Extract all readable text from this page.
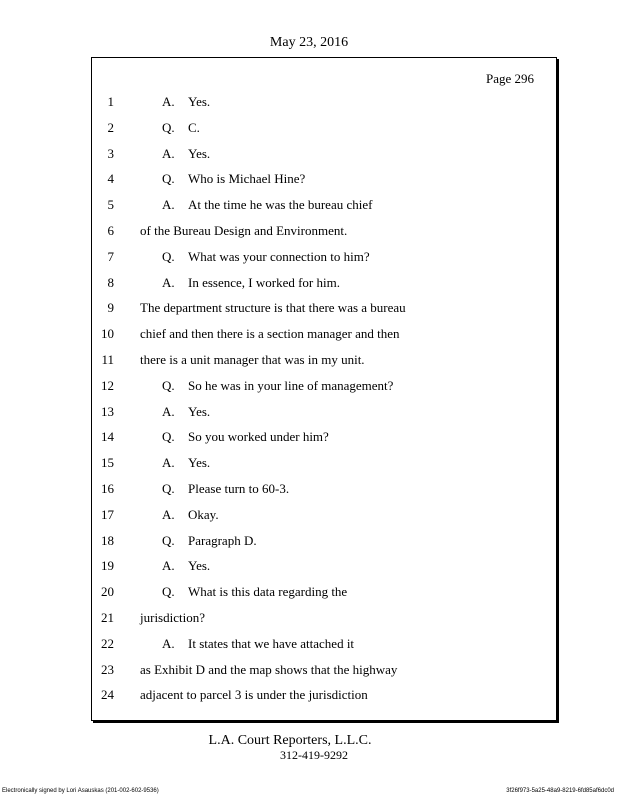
May 23, 2016
Page 296
1	A. Yes.
2	Q. C.
3	A. Yes.
4	Q. Who is Michael Hine?
5	A. At the time he was the bureau chief
6 of the Bureau Design and Environment.
7	Q. What was your connection to him?
8	A. In essence, I worked for him.
9 The department structure is that there was a bureau
10 chief and then there is a section manager and then
11 there is a unit manager that was in my unit.
12	Q. So he was in your line of management?
13	A. Yes.
14	Q. So you worked under him?
15	A. Yes.
16	Q. Please turn to 60-3.
17	A. Okay.
18	Q. Paragraph D.
19	A. Yes.
20	Q. What is this data regarding the
21 jurisdiction?
22	A. It states that we have attached it
23 as Exhibit D and the map shows that the highway
24 adjacent to parcel 3 is under the jurisdiction
L.A. Court Reporters, L.L.C.
312-419-9292
Electronically signed by Lori Asauskas (201-002-602-9536)	3f26f973-5a25-48a9-8219-6fd85af6dc0d
